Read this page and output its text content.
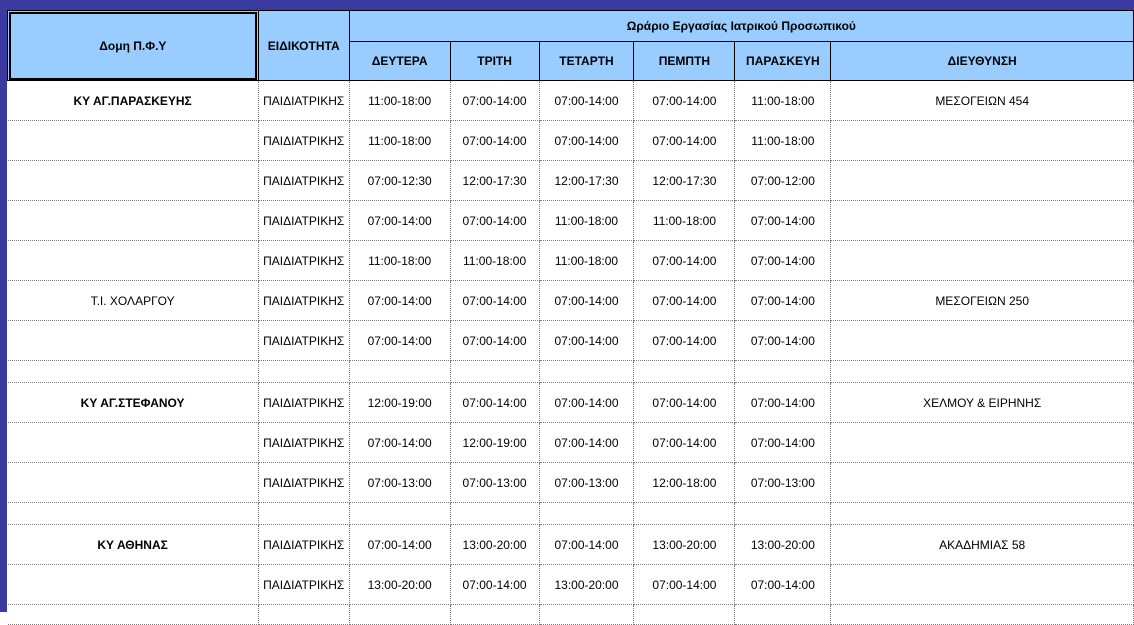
Δομη Π.Φ.Υ	ΕΙΔΙΚΟΤΗΤΑ	Ωράριο Εργασίας Ιατρικού Προσωπικού					
		ΔΕΥΤΕΡΑ	ΤΡΙΤΗ	ΤΕΤΑΡΤΗ	ΠΕΜΠΤΗ	ΠΑΡΑΣΚΕΥΗ	ΔΙΕΥΘΥΝΣΗ
ΚΥ ΑΓ.ΠΑΡΑΣΚΕΥΗΣ	ΠΑΙΔΙΑΤΡΙΚΗΣ	11:00-18:00	07:00-14:00	07:00-14:00	07:00-14:00	11:00-18:00	ΜΕΣΟΓΕΙΩΝ 454
	ΠΑΙΔΙΑΤΡΙΚΗΣ	11:00-18:00	07:00-14:00	07:00-14:00	07:00-14:00	11:00-18:00	
	ΠΑΙΔΙΑΤΡΙΚΗΣ	07:00-12:30	12:00-17:30	12:00-17:30	12:00-17:30	07:00-12:00	
	ΠΑΙΔΙΑΤΡΙΚΗΣ	07:00-14:00	07:00-14:00	11:00-18:00	11:00-18:00	07:00-14:00	
	ΠΑΙΔΙΑΤΡΙΚΗΣ	11:00-18:00	11:00-18:00	11:00-18:00	07:00-14:00	07:00-14:00	
Τ.Ι. ΧΟΛΑΡΓΟΥ	ΠΑΙΔΙΑΤΡΙΚΗΣ	07:00-14:00	07:00-14:00	07:00-14:00	07:00-14:00	07:00-14:00	ΜΕΣΟΓΕΙΩΝ 250
	ΠΑΙΔΙΑΤΡΙΚΗΣ	07:00-14:00	07:00-14:00	07:00-14:00	07:00-14:00	07:00-14:00	

ΚΥ ΑΓ.ΣΤΕΦΑΝΟΥ	ΠΑΙΔΙΑΤΡΙΚΗΣ	12:00-19:00	07:00-14:00	07:00-14:00	07:00-14:00	07:00-14:00	ΧΕΛΜΟΥ & ΕΙΡΗΝΗΣ
	ΠΑΙΔΙΑΤΡΙΚΗΣ	07:00-14:00	12:00-19:00	07:00-14:00	07:00-14:00	07:00-14:00	
	ΠΑΙΔΙΑΤΡΙΚΗΣ	07:00-13:00	07:00-13:00	07:00-13:00	12:00-18:00	07:00-13:00	

ΚΥ ΑΘΗΝΑΣ	ΠΑΙΔΙΑΤΡΙΚΗΣ	07:00-14:00	13:00-20:00	07:00-14:00	13:00-20:00	13:00-20:00	ΑΚΑΔΗΜΙΑΣ 58
	ΠΑΙΔΙΑΤΡΙΚΗΣ	13:00-20:00	07:00-14:00	13:00-20:00	07:00-14:00	07:00-14:00	
